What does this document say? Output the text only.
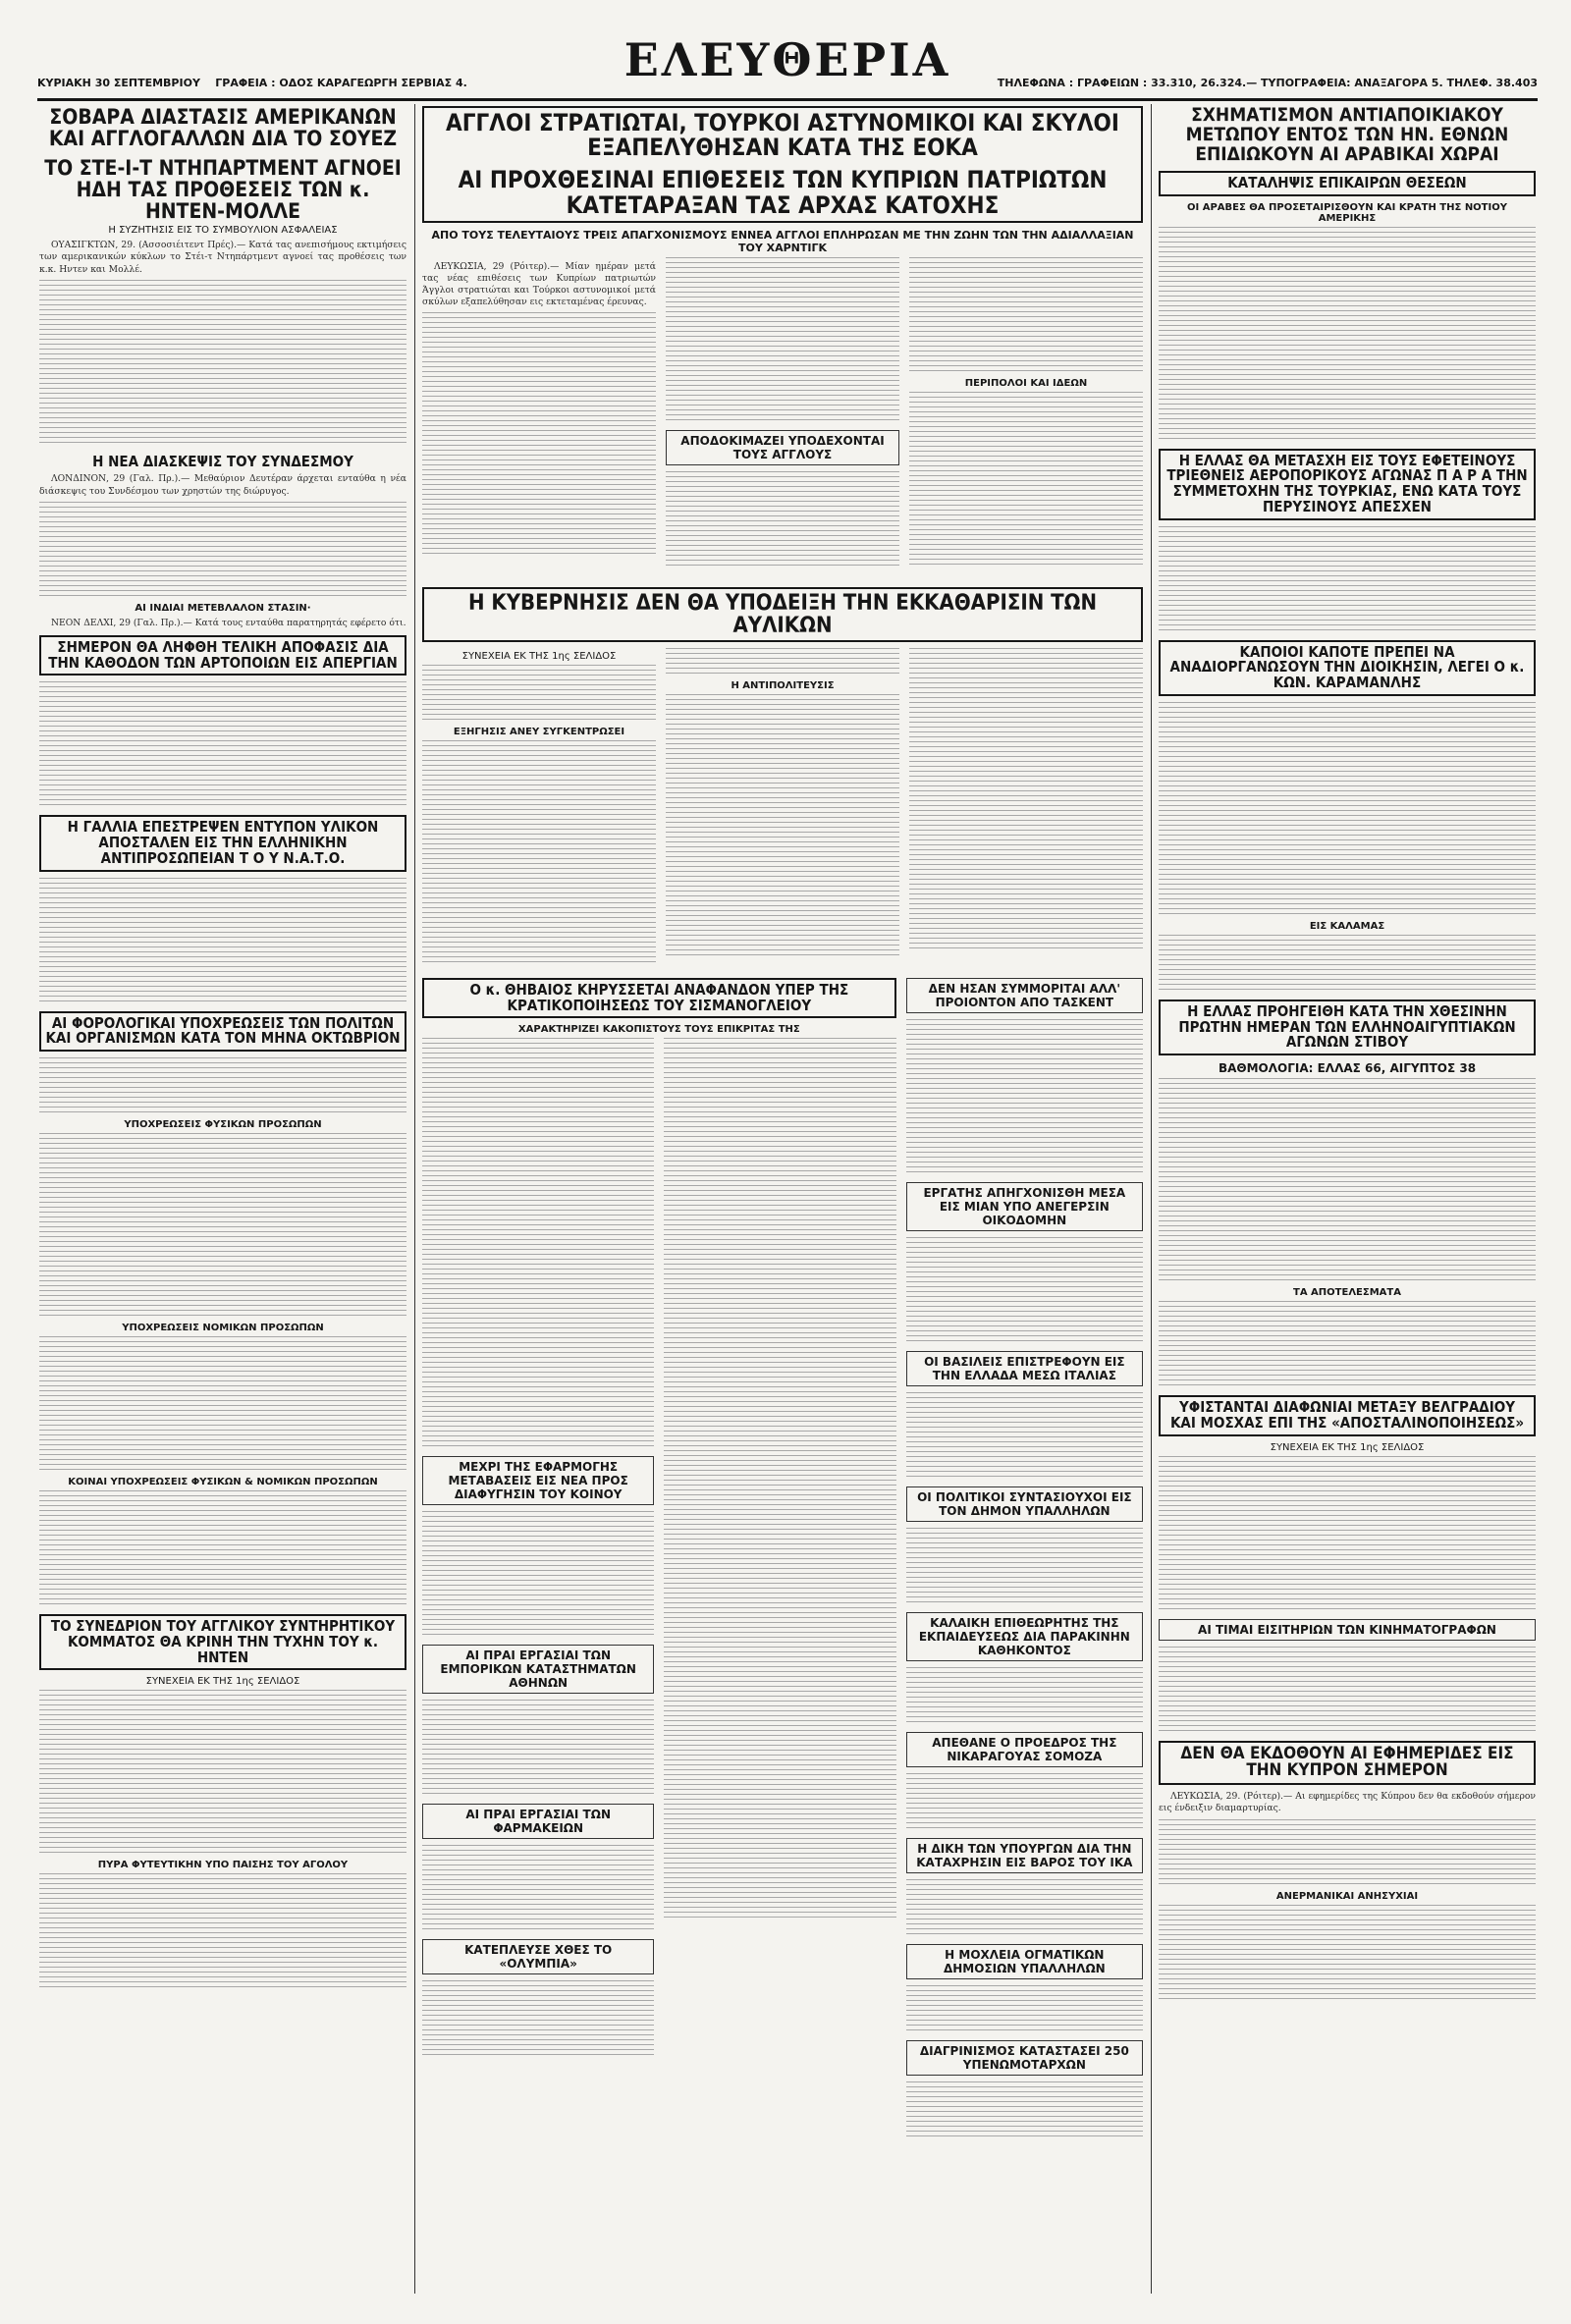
ΚΥΡΙΑΚΗ 30 ΣΕΠΤΕΜΒΡΙΟΥ ΓΡΑΦΕΙΑ : ΟΔΟΣ ΚΑΡΑΓΕΩΡΓΗ ΣΕΡΒΙΑΣ 4.	ΕΛΕΥΘΕΡΙΑ	ΤΗΛΕΦΩΝΑ : ΓΡΑΦΕΙΩΝ : 33.310, 26.324.— ΤΥΠΟΓΡΑΦΕΙΑ: ΑΝΑΞΑΓΟΡΑ 5. ΤΗΛΕΦ. 38.403
ΣΟΒΑΡΑ ΔΙΑΣΤΑΣΙΣ ΑΜΕΡΙΚΑΝΩΝ ΚΑΙ ΑΓΓΛΟΓΑΛΛΩΝ ΔΙΑ ΤΟ ΣΟΥΕΖ
ΤΟ ΣΤΕ-Ι-Τ ΝΤΗΠΑΡΤΜΕΝΤ ΑΓΝΟΕΙ ΗΔΗ ΤΑΣ ΠΡΟΘΕΣΕΙΣ ΤΩΝ κ. ΗΝΤΕΝ-ΜΟΛΛΕ
Η ΣΥΖΗΤΗΣΙΣ ΕΙΣ ΤΟ ΣΥΜΒΟΥΛΙΟΝ ΑΣΦΑΛΕΙΑΣ

ΟΥΑΣΙΓΚΤΩΝ, 29. (Ασσοσιέιτεντ Πρές).— Κατά τας ανεπισήμους εκτιμήσεις των αμερικανικών κύκλων το Στέι-τ Ντηπάρτμεντ αγνοεί τας προθέσεις των κ.κ. Ηντεν και Μολλέ.

Η ΝΕΑ ΔΙΑΣΚΕΨΙΣ ΤΟΥ ΣΥΝΔΕΣΜΟΥ

ΛΟΝΔΙΝΟΝ, 29 (Γαλ. Πρ.).— Μεθαύριον Δευτέραν άρχεται ενταύθα η νέα διάσκεψις του Συνδέσμου των χρηστών της διώρυγος.

ΑΙ ΙΝΔΙΑΙ ΜΕΤΕΒΛΑΛΟΝ ΣΤΑΣΙΝ·

ΝΕΟΝ ΔΕΛΧΙ, 29 (Γαλ. Πρ.).— Κατά τους ενταύθα παρατηρητάς εφέρετο ότι.

ΣΗΜΕΡΟΝ ΘΑ ΛΗΦΘΗ ΤΕΛΙΚΗ ΑΠΟΦΑΣΙΣ ΔΙΑ ΤΗΝ ΚΑΘΟΔΟΝ ΤΩΝ ΑΡΤΟΠΟΙΩΝ ΕΙΣ ΑΠΕΡΓΙΑΝ
Η ΓΑΛΛΙΑ ΕΠΕΣΤΡΕΨΕΝ ΕΝΤΥΠΟΝ ΥΛΙΚΟΝ ΑΠΟΣΤΑΛΕΝ ΕΙΣ ΤΗΝ ΕΛΛΗΝΙΚΗΝ ΑΝΤΙΠΡΟΣΩΠΕΙΑΝ Τ Ο Υ Ν.Α.Τ.Ο.
ΑΙ ΦΟΡΟΛΟΓΙΚΑΙ ΥΠΟΧΡΕΩΣΕΙΣ ΤΩΝ ΠΟΛΙΤΩΝ ΚΑΙ ΟΡΓΑΝΙΣΜΩΝ ΚΑΤΑ ΤΟΝ ΜΗΝΑ ΟΚΤΩΒΡΙΟΝ
ΥΠΟΧΡΕΩΣΕΙΣ ΦΥΣΙΚΩΝ ΠΡΟΣΩΠΩΝ
ΥΠΟΧΡΕΩΣΕΙΣ ΝΟΜΙΚΩΝ ΠΡΟΣΩΠΩΝ
ΚΟΙΝΑΙ ΥΠΟΧΡΕΩΣΕΙΣ ΦΥΣΙΚΩΝ & ΝΟΜΙΚΩΝ ΠΡΟΣΩΠΩΝ
ΤΟ ΣΥΝΕΔΡΙΟΝ ΤΟΥ ΑΓΓΛΙΚΟΥ ΣΥΝΤΗΡΗΤΙΚΟΥ ΚΟΜΜΑΤΟΣ ΘΑ ΚΡΙΝΗ ΤΗΝ ΤΥΧΗΝ ΤΟΥ κ. ΗΝΤΕΝ
ΣΥΝΕΧΕΙΑ ΕΚ ΤΗΣ 1ης ΣΕΛΙΔΟΣ
ΠΥΡΑ ΦΥΤΕΥΤΙΚΗΝ ΥΠΟ ΠΑΙΣΗΣ ΤΟΥ ΑΓΟΛΟΥ
ΑΓΓΛΟΙ ΣΤΡΑΤΙΩΤΑΙ, ΤΟΥΡΚΟΙ ΑΣΤΥΝΟΜΙΚΟΙ ΚΑΙ ΣΚΥΛΟΙ ΕΞΑΠΕΛΥΘΗΣΑΝ ΚΑΤΑ ΤΗΣ ΕΟΚΑ
ΑΙ ΠΡΟΧΘΕΣΙΝΑΙ ΕΠΙΘΕΣΕΙΣ ΤΩΝ ΚΥΠΡΙΩΝ ΠΑΤΡΙΩΤΩΝ ΚΑΤΕΤΑΡΑΞΑΝ ΤΑΣ ΑΡΧΑΣ ΚΑΤΟΧΗΣ
ΑΠΟ ΤΟΥΣ ΤΕΛΕΥΤΑΙΟΥΣ ΤΡΕΙΣ ΑΠΑΓΧΟΝΙΣΜΟΥΣ ΕΝΝΕΑ ΑΓΓΛΟΙ ΕΠΛΗΡΩΣΑΝ ΜΕ ΤΗΝ ΖΩΗΝ ΤΩΝ ΤΗΝ ΑΔΙΑΛΛΑΞΙΑΝ ΤΟΥ ΧΑΡΝΤΙΓΚ

ΛΕΥΚΩΣΙΑ, 29 (Ρόιτερ).— Μίαν ημέραν μετά τας νέας επιθέσεις των Κυπρίων πατριωτών Άγγλοι στρατιώται και Τούρκοι αστυνομικοί μετά σκύλων εξαπελύθησαν εις εκτεταμένας έρευνας.

ΑΠΟΔΟΚΙΜΑΖΕΙ ΥΠΟΔΕΧΟΝΤΑΙ ΤΟΥΣ ΑΓΓΛΟΥΣ
ΠΕΡΙΠΟΛΟΙ ΚΑΙ ΙΔΕΩΝ
Η ΚΥΒΕΡΝΗΣΙΣ ΔΕΝ ΘΑ ΥΠΟΔΕΙΞΗ ΤΗΝ ΕΚΚΑΘΑΡΙΣΙΝ ΤΩΝ ΑΥΛΙΚΩΝ
ΣΥΝΕΧΕΙΑ ΕΚ ΤΗΣ 1ης ΣΕΛΙΔΟΣ
ΕΞΗΓΗΣΙΣ ΑΝΕΥ ΣΥΓΚΕΝΤΡΩΣΕΙ
Η ΑΝΤΙΠΟΛΙΤΕΥΣΙΣ
Ο κ. ΘΗΒΑΙΟΣ ΚΗΡΥΣΣΕΤΑΙ ΑΝΑΦΑΝΔΟΝ ΥΠΕΡ ΤΗΣ ΚΡΑΤΙΚΟΠΟΙΗΣΕΩΣ ΤΟΥ ΣΙΣΜΑΝΟΓΛΕΙΟΥ
ΧΑΡΑΚΤΗΡΙΖΕΙ ΚΑΚΟΠΙΣΤΟΥΣ ΤΟΥΣ ΕΠΙΚΡΙΤΑΣ ΤΗΣ
ΜΕΧΡΙ ΤΗΣ ΕΦΑΡΜΟΓΗΣ ΜΕΤΑΒΑΣΕΙΣ ΕΙΣ ΝΕΑ ΠΡΟΣ ΔΙΑΦΥΓΗΣΙΝ ΤΟΥ ΚΟΙΝΟΥ
ΑΙ ΠΡΑΙ ΕΡΓΑΣΙΑΙ ΤΩΝ ΕΜΠΟΡΙΚΩΝ ΚΑΤΑΣΤΗΜΑΤΩΝ ΑΘΗΝΩΝ
ΑΙ ΠΡΑΙ ΕΡΓΑΣΙΑΙ ΤΩΝ ΦΑΡΜΑΚΕΙΩΝ
ΚΑΤΕΠΛΕΥΣΕ ΧΘΕΣ ΤΟ «ΟΛΥΜΠΙΑ»
ΔΕΝ ΗΣΑΝ ΣΥΜΜΟΡΙΤΑΙ ΑΛΛ' ΠΡΟΙΟΝΤΟΝ ΑΠΟ ΤΑΣΚΕΝΤ
ΕΡΓΑΤΗΣ ΑΠΗΓΧΟΝΙΣΘΗ ΜΕΣΑ ΕΙΣ ΜΙΑΝ ΥΠΟ ΑΝΕΓΕΡΣΙΝ ΟΙΚΟΔΟΜΗΝ
ΟΙ ΒΑΣΙΛΕΙΣ ΕΠΙΣΤΡΕΦΟΥΝ ΕΙΣ ΤΗΝ ΕΛΛΑΔΑ ΜΕΣΩ ΙΤΑΛΙΑΣ
ΟΙ ΠΟΛΙΤΙΚΟΙ ΣΥΝΤΑΣΙΟΥΧΟΙ ΕΙΣ ΤΟΝ ΔΗΜΟΝ ΥΠΑΛΛΗΛΩΝ
ΚΑΛΑΙΚΗ ΕΠΙΘΕΩΡΗΤΗΣ ΤΗΣ ΕΚΠΑΙΔΕΥΣΕΩΣ ΔΙΑ ΠΑΡΑΚΙΝΗΝ ΚΑΘΗΚΟΝΤΟΣ
ΑΠΕΘΑΝΕ Ο ΠΡΟΕΔΡΟΣ ΤΗΣ ΝΙΚΑΡΑΓΟΥΑΣ ΣΟΜΟΖΑ
Η ΔΙΚΗ ΤΩΝ ΥΠΟΥΡΓΩΝ ΔΙΑ ΤΗΝ ΚΑΤΑΧΡΗΣΙΝ ΕΙΣ ΒΑΡΟΣ ΤΟΥ ΙΚΑ
Η ΜΟΧΛΕΙΑ ΟΓΜΑΤΙΚΩΝ ΔΗΜΟΣΙΩΝ ΥΠΑΛΛΗΛΩΝ
ΔΙΑΓΡΙΝΙΣΜΟΣ ΚΑΤΑΣΤΑΣΕΙ 250 ΥΠΕΝΩΜΟΤΑΡΧΩΝ
ΣΧΗΜΑΤΙΣΜΟΝ ΑΝΤΙΑΠΟΙΚΙΑΚΟΥ ΜΕΤΩΠΟΥ ΕΝΤΟΣ ΤΩΝ ΗΝ. ΕΘΝΩΝ ΕΠΙΔΙΩΚΟΥΝ ΑΙ ΑΡΑΒΙΚΑΙ ΧΩΡΑΙ
ΚΑΤΑΛΗΨΙΣ ΕΠΙΚΑΙΡΩΝ ΘΕΣΕΩΝ
ΟΙ ΑΡΑΒΕΣ ΘΑ ΠΡΟΣΕΤΑΙΡΙΣΘΟΥΝ ΚΑΙ ΚΡΑΤΗ ΤΗΣ ΝΟΤΙΟΥ ΑΜΕΡΙΚΗΣ
Η ΕΛΛΑΣ ΘΑ ΜΕΤΑΣΧΗ ΕΙΣ ΤΟΥΣ ΕΦΕΤΕΙΝΟΥΣ ΤΡΙΕΘΝΕΙΣ ΑΕΡΟΠΟΡΙΚΟΥΣ ΑΓΩΝΑΣ Π Α Ρ Α ΤΗΝ ΣΥΜΜΕΤΟΧΗΝ ΤΗΣ ΤΟΥΡΚΙΑΣ, ΕΝΩ ΚΑΤΑ ΤΟΥΣ ΠΕΡΥΣΙΝΟΥΣ ΑΠΕΣΧΕΝ
ΚΑΠΟΙΟΙ ΚΑΠΟΤΕ ΠΡΕΠΕΙ ΝΑ ΑΝΑΔΙΟΡΓΑΝΩΣΟΥΝ ΤΗΝ ΔΙΟΙΚΗΣΙΝ, ΛΕΓΕΙ Ο κ. ΚΩΝ. ΚΑΡΑΜΑΝΛΗΣ
ΕΙΣ ΚΑΛΑΜΑΣ
Η ΕΛΛΑΣ ΠΡΟΗΓΕΙΘΗ ΚΑΤΑ ΤΗΝ ΧΘΕΣΙΝΗΝ ΠΡΩΤΗΝ ΗΜΕΡΑΝ ΤΩΝ ΕΛΛΗΝΟΑΙΓΥΠΤΙΑΚΩΝ ΑΓΩΝΩΝ ΣΤΙΒΟΥ
ΒΑΘΜΟΛΟΓΙΑ: ΕΛΛΑΣ 66, ΑΙΓΥΠΤΟΣ 38
ΤΑ ΑΠΟΤΕΛΕΣΜΑΤΑ
ΥΦΙΣΤΑΝΤΑΙ ΔΙΑΦΩΝΙΑΙ ΜΕΤΑΞΥ ΒΕΛΓΡΑΔΙΟΥ ΚΑΙ ΜΟΣΧΑΣ ΕΠΙ ΤΗΣ «ΑΠΟΣΤΑΛΙΝΟΠΟΙΗΣΕΩΣ»
ΣΥΝΕΧΕΙΑ ΕΚ ΤΗΣ 1ης ΣΕΛΙΔΟΣ
ΑΙ ΤΙΜΑΙ ΕΙΣΙΤΗΡΙΩΝ ΤΩΝ ΚΙΝΗΜΑΤΟΓΡΑΦΩΝ
ΔΕΝ ΘΑ ΕΚΔΟΘΟΥΝ ΑΙ ΕΦΗΜΕΡΙΔΕΣ ΕΙΣ ΤΗΝ ΚΥΠΡΟΝ ΣΗΜΕΡΟΝ

ΛΕΥΚΩΣΙΑ, 29. (Ρόιτερ).— Αι εφημερίδες της Κύπρου δεν θα εκδοθούν σήμερον εις ένδειξιν διαμαρτυρίας.

ΑΝΕΡΜΑΝΙΚΑΙ ΑΝΗΣΥΧΙΑΙ
